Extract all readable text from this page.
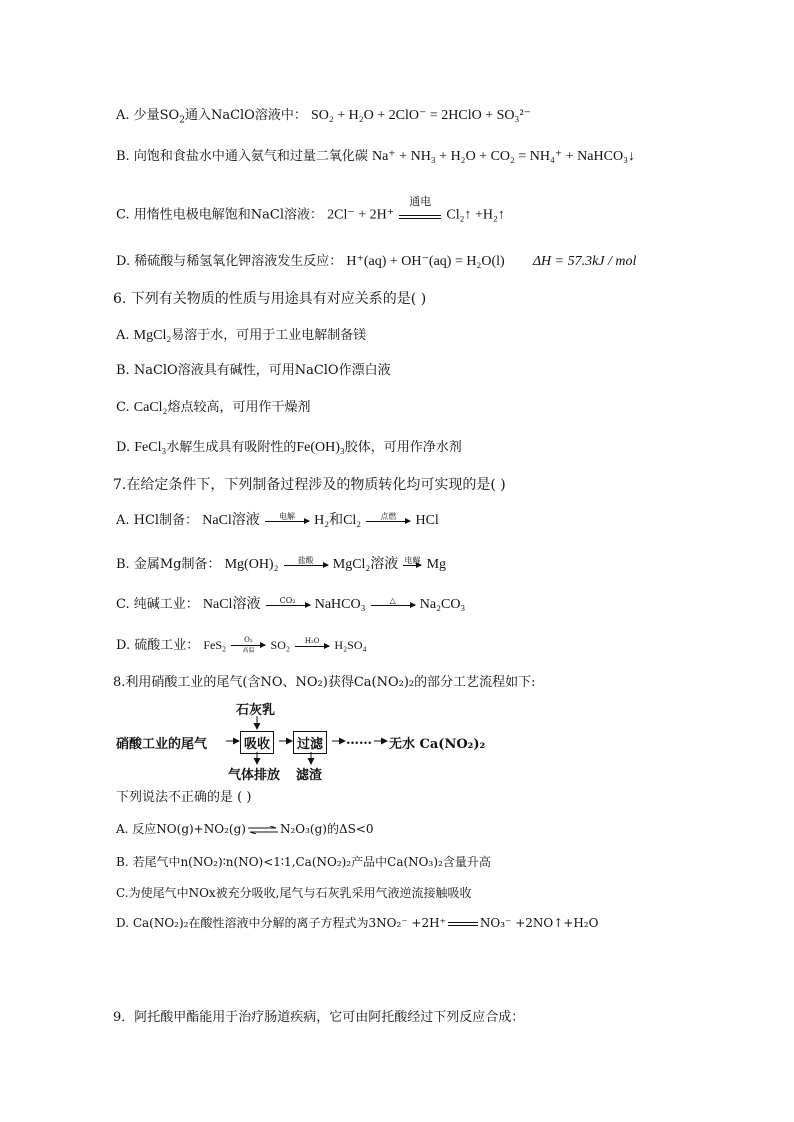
A. 少量$SO_2$通入NaClO溶液中： SO₂ + H₂O + 2ClO⁻ = 2HClO + SO₃²⁻
B. 向饱和食盐水中通入氨气和过量二氧化碳 Na⁺ + NH₃ + H₂O + CO₂ = NH₄⁺ + NaHCO₃↓
C. 用惰性电极电解饱和NaCl溶液： 2Cl⁻ + 2H⁺
通电
Cl₂↑ +H₂↑
D. 稀硫酸与稀氢氧化钾溶液发生反应： H⁺(aq) + OH⁻(aq) = H₂O(l) ΔH = 57.3kJ / mol
6. 下列有关物质的性质与用途具有对应关系的是( )
A. MgCl₂易溶于水，可用于工业电解制备镁
B. NaClO溶液具有碱性，可用NaClO作漂白液
C. CaCl₂熔点较高，可用作干燥剂
D. FeCl₃水解生成具有吸附性的Fe(OH)₃胶体，可用作净水剂
7.在给定条件下，下列制备过程涉及的物质转化均可实现的是( )
A. HCl制备： NaCl溶液	电解	H₂和Cl₂	点燃	HCl
B. 金属Mg制备： Mg(OH)₂	盐酸	MgCl₂溶液 电解 Mg
C. 纯碱工业： NaCl溶液	CO₂	NaHCO₃	△	Na₂CO₃
D. 硫酸工业： FeS₂	O₂
高温	SO₂	H₂O	H₂SO₄
8.利用硝酸工业的尾气(含NO、NO₂)获得Ca(NO₂)₂的部分工艺流程如下:
石灰乳
硝酸工业的尾气	吸收	过滤	…… 无水 Ca(NO₂)₂
气体排放 滤渣
下列说法不正确的是 ( )
A. 反应NO(g)+NO₂(g) ⇌ N₂O₃(g)的ΔS<0
B. 若尾气中n(NO₂)∶n(NO)<1∶1,Ca(NO₂)₂产品中Ca(NO₃)₂含量升高
C.为使尾气中NOx被充分吸收,尾气与石灰乳采用气液逆流接触吸收
D. Ca(NO₂)₂在酸性溶液中分解的离子方程式为3NO₂⁻ +2H⁺	NO₃⁻ +2NO↑+H₂O
9．阿托酸甲酯能用于治疗肠道疾病，它可由阿托酸经过下列反应合成：
